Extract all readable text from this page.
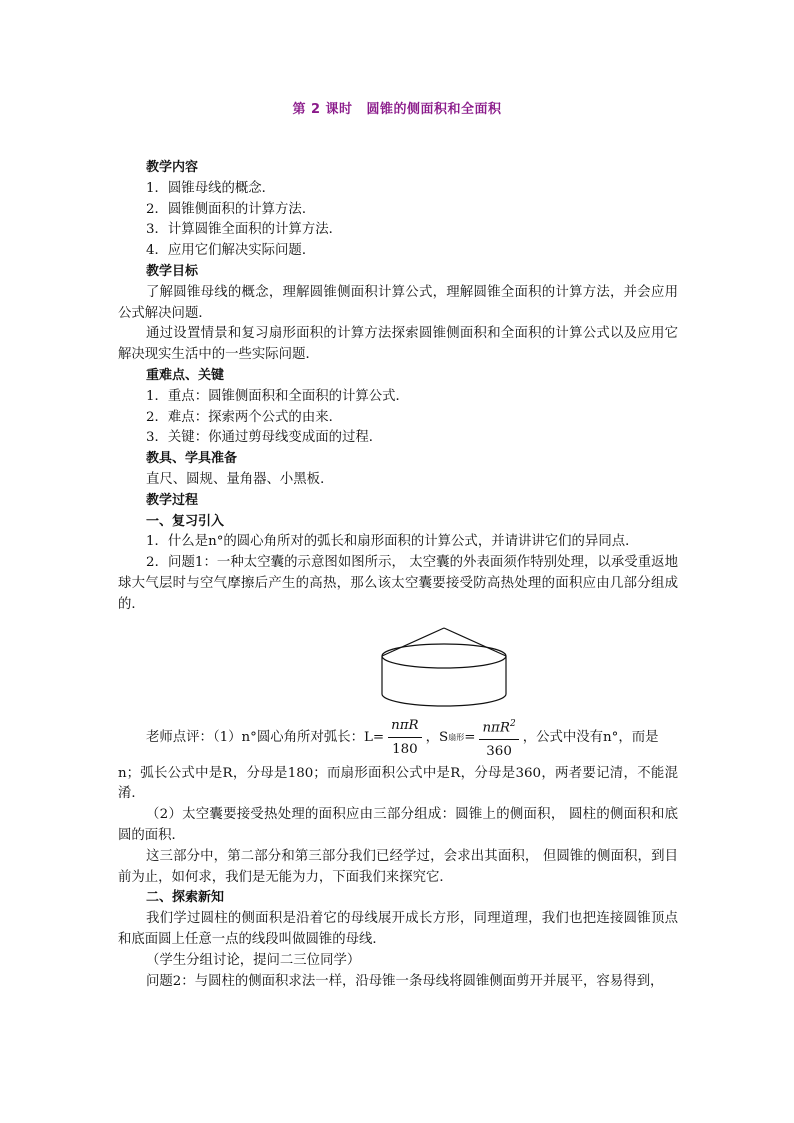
第 2 课时 圆锥的侧面积和全面积

教学内容

1．圆锥母线的概念．

2．圆锥侧面积的计算方法．

3．计算圆锥全面积的计算方法．

4．应用它们解决实际问题．

教学目标

了解圆锥母线的概念，理解圆锥侧面积计算公式，理解圆锥全面积的计算方法，并会应用公式解决问题．

通过设置情景和复习扇形面积的计算方法探索圆锥侧面积和全面积的计算公式以及应用它解决现实生活中的一些实际问题．

重难点、关键

1．重点：圆锥侧面积和全面积的计算公式．

2．难点：探索两个公式的由来．

3．关键：你通过剪母线变成面的过程．

教具、学具准备

直尺、圆规、量角器、小黑板．

教学过程

一、复习引入

1．什么是n°的圆心角所对的弧长和扇形面积的计算公式，并请讲讲它们的异同点．

2．问题1：一种太空囊的示意图如图所示， 太空囊的外表面须作特别处理，以承受重返地球大气层时与空气摩擦后产生的高热，那么该太空囊要接受防高热处理的面积应由几部分组成的．

老师点评：（1）n°圆心角所对弧长：$L= \frac{\text{nπR}}{180}$ ，S 扇形 = $\frac{n\pi R^2}{360}$ ，公式中没有n°，而是

n；弧长公式中是R，分母是180；而扇形面积公式中是R，分母是360，两者要记清，不能混淆．

（2）太空囊要接受热处理的面积应由三部分组成：圆锥上的侧面积， 圆柱的侧面积和底圆的面积．

这三部分中，第二部分和第三部分我们已经学过，会求出其面积， 但圆锥的侧面积，到目前为止，如何求，我们是无能为力，下面我们来探究它．

二、探索新知

我们学过圆柱的侧面积是沿着它的母线展开成长方形，同理道理，我们也把连接圆锥顶点和底面圆上任意一点的线段叫做圆锥的母线．

（学生分组讨论，提问二三位同学）

问题2：与圆柱的侧面积求法一样，沿母锥一条母线将圆锥侧面剪开并展平，容易得到，
